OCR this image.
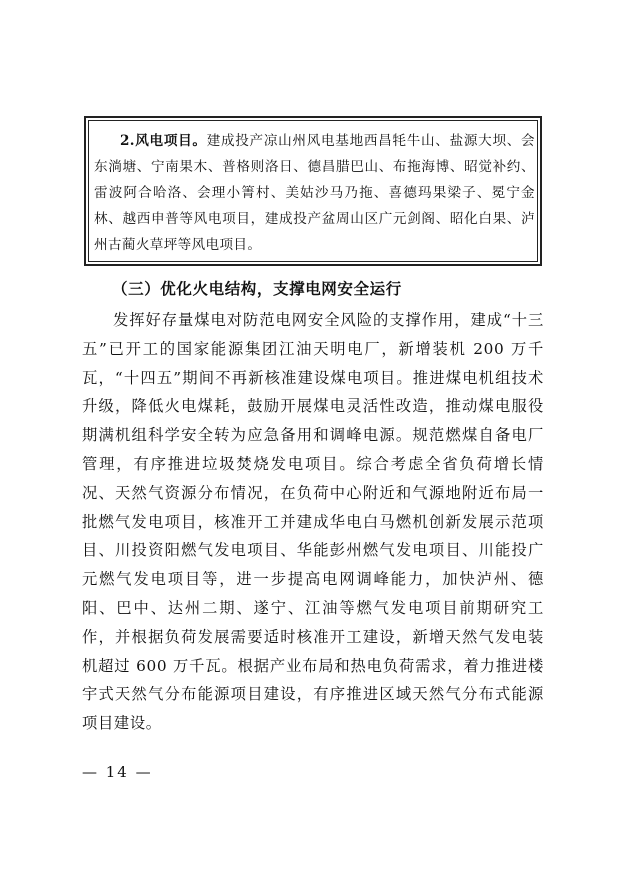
2.风电项目。建成投产凉山州风电基地西昌牦牛山、盐源大坝、会东淌塘、宁南果木、普格则洛日、德昌腊巴山、布拖海博、昭觉补约、雷波阿合哈洛、会理小箐村、美姑沙马乃拖、喜德玛果梁子、冕宁金林、越西申普等风电项目，建成投产盆周山区广元剑阁、昭化白果、泸州古蔺火草坪等风电项目。

（三）优化火电结构，支撑电网安全运行

发挥好存量煤电对防范电网安全风险的支撑作用，建成“十三五”已开工的国家能源集团江油天明电厂，新增装机 200 万千瓦，“十四五”期间不再新核准建设煤电项目。推进煤电机组技术升级，降低火电煤耗，鼓励开展煤电灵活性改造，推动煤电服役期满机组科学安全转为应急备用和调峰电源。规范燃煤自备电厂管理，有序推进垃圾焚烧发电项目。综合考虑全省负荷增长情况、天然气资源分布情况，在负荷中心附近和气源地附近布局一批燃气发电项目，核准开工并建成华电白马燃机创新发展示范项目、川投资阳燃气发电项目、华能彭州燃气发电项目、川能投广元燃气发电项目等，进一步提高电网调峰能力，加快泸州、德阳、巴中、达州二期、遂宁、江油等燃气发电项目前期研究工作，并根据负荷发展需要适时核准开工建设，新增天然气发电装机超过 600 万千瓦。根据产业布局和热电负荷需求，着力推进楼宇式天然气分布能源项目建设，有序推进区域天然气分布式能源项目建设。

— 14 —
